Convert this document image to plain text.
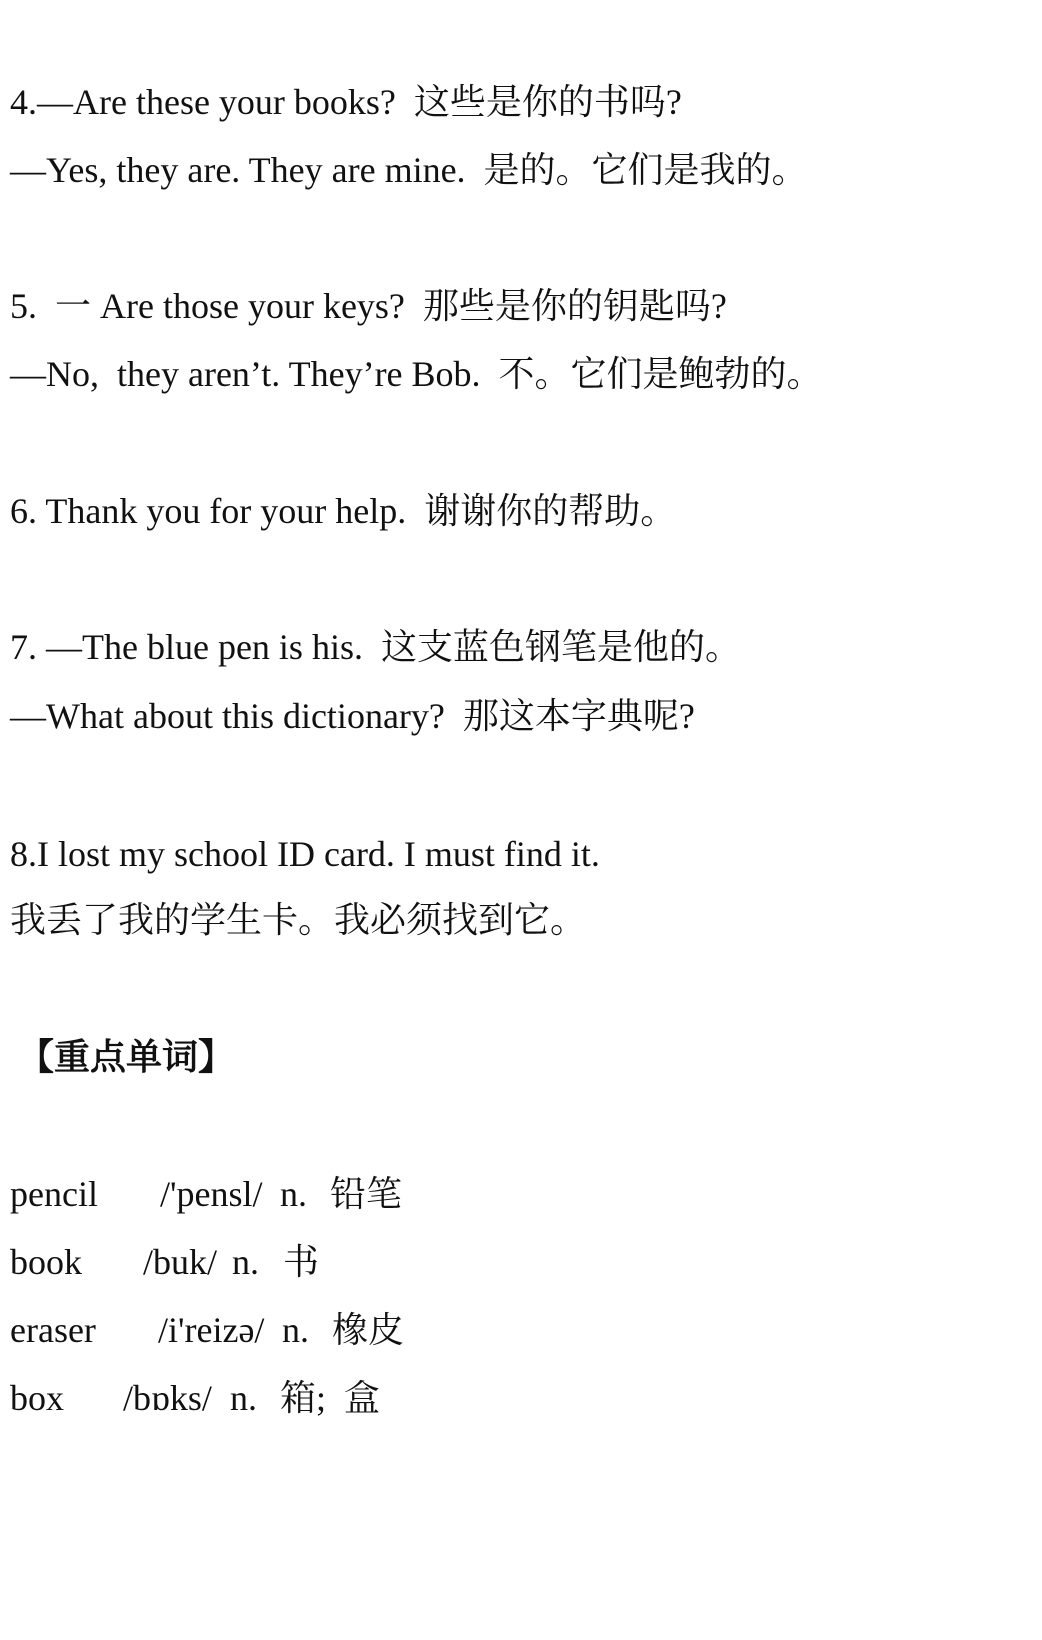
4.—Are these your books?  这些是你的书吗?
—Yes, they are. They are mine.  是的。它们是我的。
5.  一 Are those your keys?  那些是你的钥匙吗?
—No,  they aren’t. They’re Bob.  不。它们是鲍勃的。
6. Thank you for your help.  谢谢你的帮助。
7. —The blue pen is his.  这支蓝色钢笔是他的。
—What about this dictionary?  那这本字典呢?
8.I lost my school ID card. I must find it.
我丢了我的学生卡。我必须找到它。
【重点单词】

pencil

/'pensl/

n.

铅笔

book

/buk/

n.

书

eraser

/i'reizə/

n.

橡皮

box

/bɒks/

n.

箱;  盒
